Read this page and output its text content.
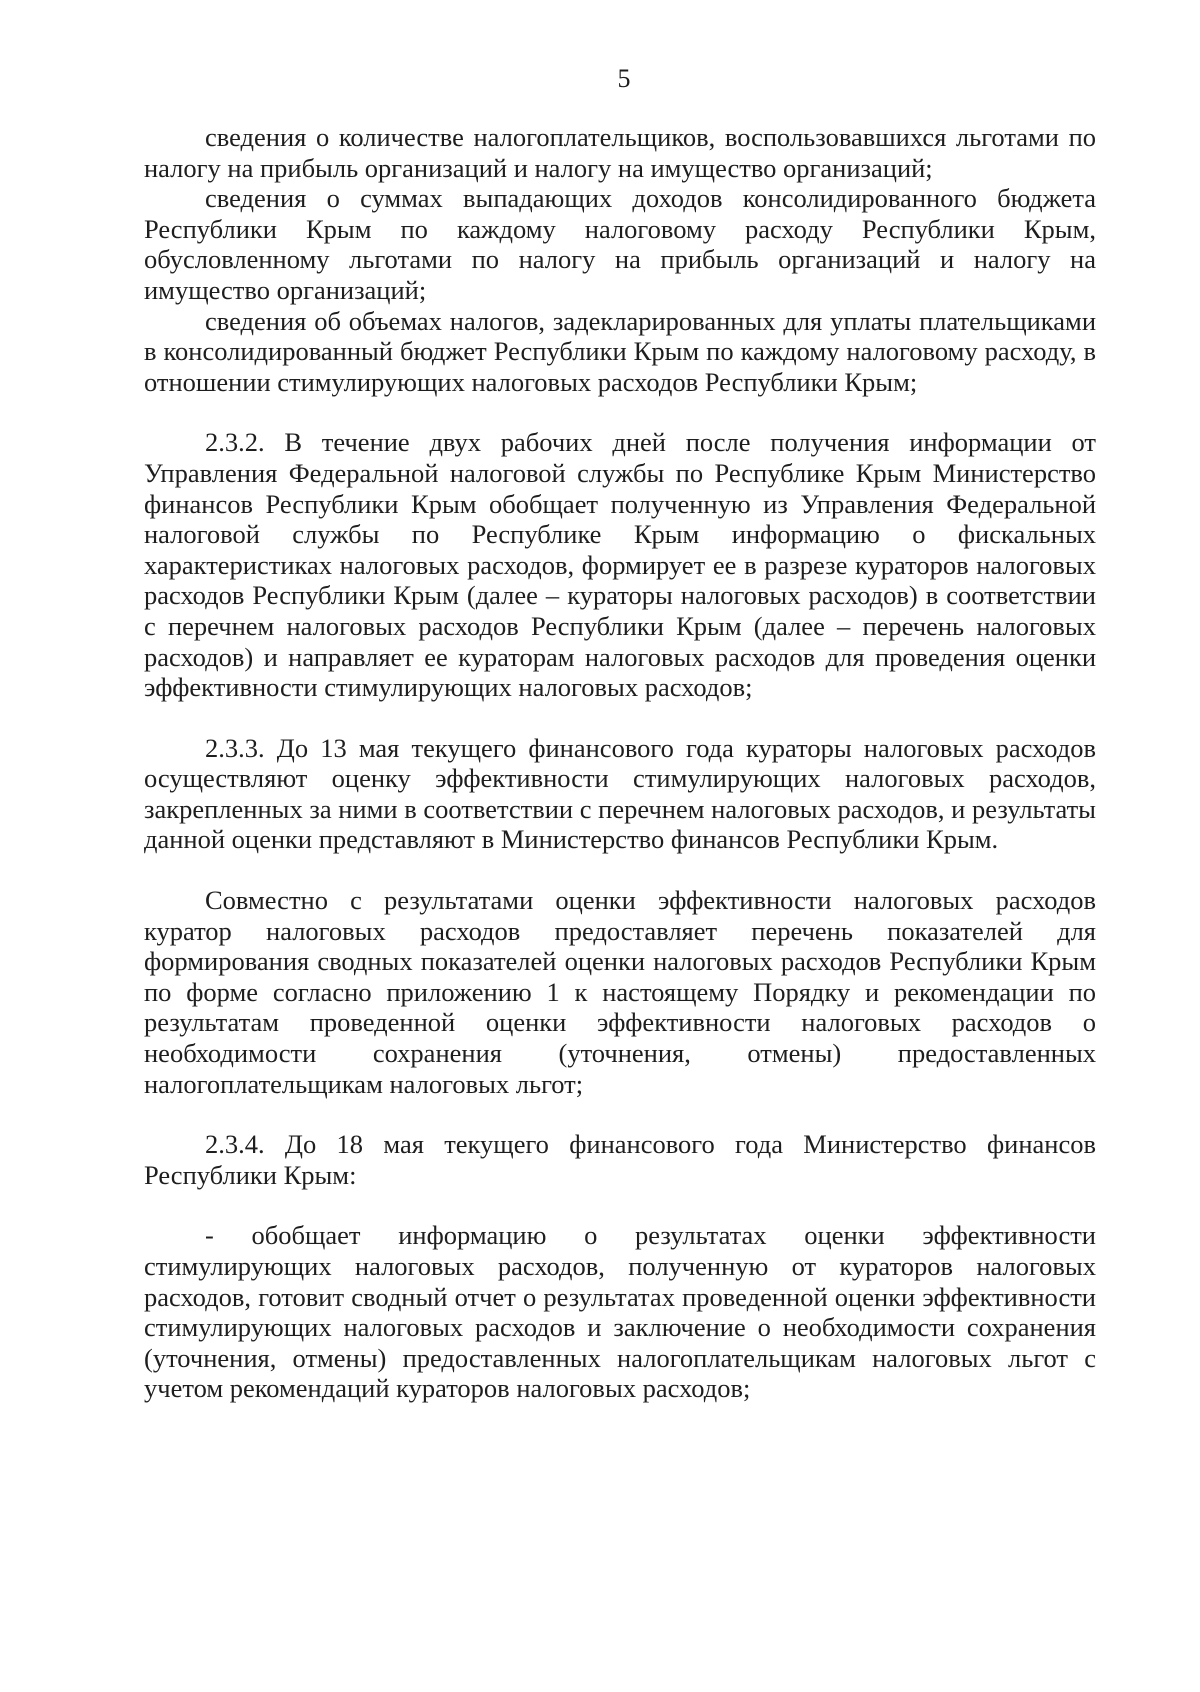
5

сведения о количестве налогоплательщиков, воспользовавшихся льготами по налогу на прибыль организаций и налогу на имущество организаций;

сведения о суммах выпадающих доходов консолидированного бюджета Республики Крым по каждому налоговому расходу Республики Крым, обусловленному льготами по налогу на прибыль организаций и налогу на имущество организаций;

сведения об объемах налогов, задекларированных для уплаты плательщиками в консолидированный бюджет Республики Крым по каждому налоговому расходу, в отношении стимулирующих налоговых расходов Республики Крым;

2.3.2. В течение двух рабочих дней после получения информации от Управления Федеральной налоговой службы по Республике Крым Министерство финансов Республики Крым обобщает полученную из Управления Федеральной налоговой службы по Республике Крым информацию о фискальных характеристиках налоговых расходов, формирует ее в разрезе кураторов налоговых расходов Республики Крым (далее – кураторы налоговых расходов) в соответствии с перечнем налоговых расходов Республики Крым (далее – перечень налоговых расходов) и направляет ее кураторам налоговых расходов для проведения оценки эффективности стимулирующих налоговых расходов;

2.3.3. До 13 мая текущего финансового года кураторы налоговых расходов осуществляют оценку эффективности стимулирующих налоговых расходов, закрепленных за ними в соответствии с перечнем налоговых расходов, и результаты данной оценки представляют в Министерство финансов Республики Крым.

Совместно с результатами оценки эффективности налоговых расходов куратор налоговых расходов предоставляет перечень показателей для формирования сводных показателей оценки налоговых расходов Республики Крым по форме согласно приложению 1 к настоящему Порядку и рекомендации по результатам проведенной оценки эффективности налоговых расходов о необходимости сохранения (уточнения, отмены) предоставленных налогоплательщикам налоговых льгот;

2.3.4. До 18 мая текущего финансового года Министерство финансов Республики Крым:

- обобщает информацию о результатах оценки эффективности стимулирующих налоговых расходов, полученную от кураторов налоговых расходов, готовит сводный отчет о результатах проведенной оценки эффективности стимулирующих налоговых расходов и заключение о необходимости сохранения (уточнения, отмены) предоставленных налогоплательщикам налоговых льгот с учетом рекомендаций кураторов налоговых расходов;
